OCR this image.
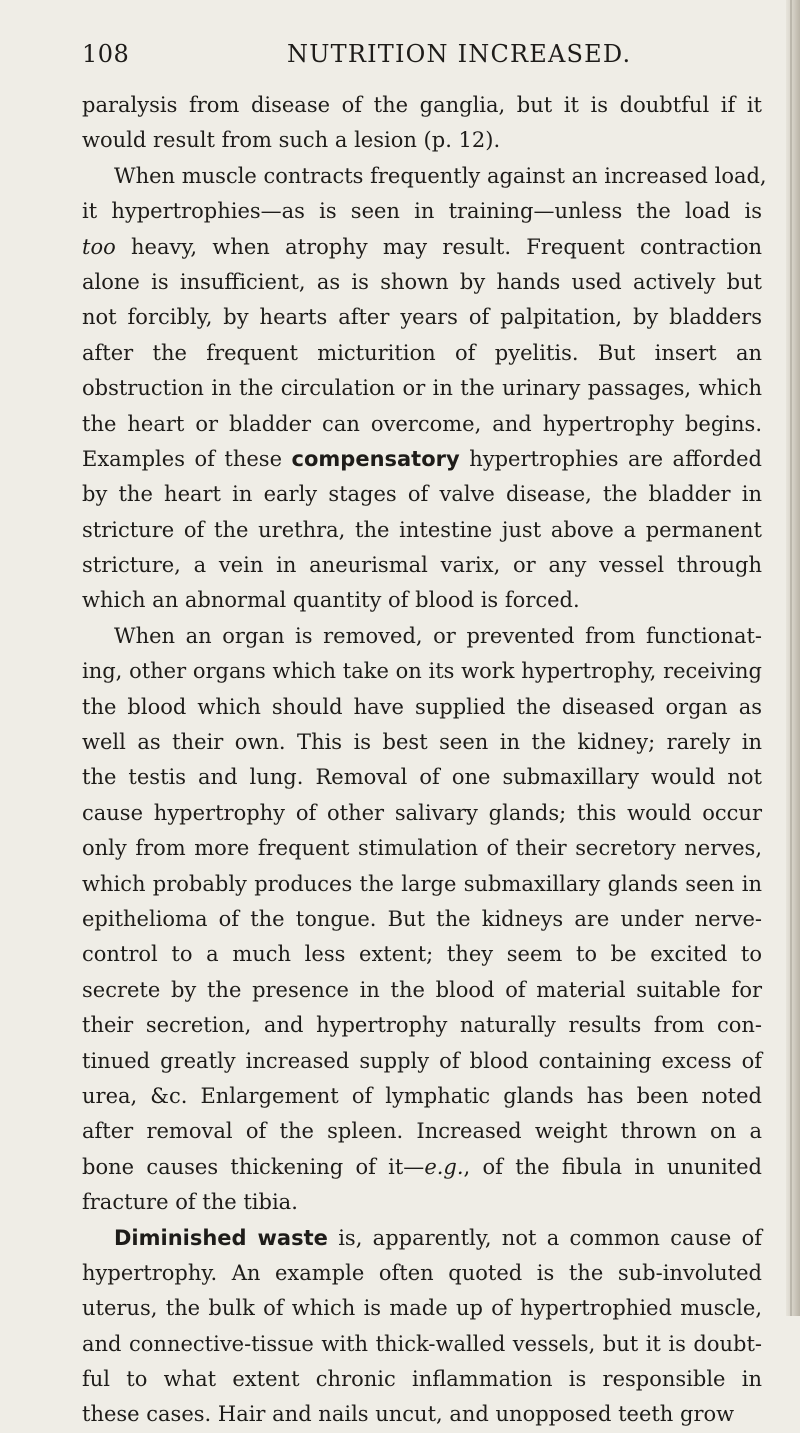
108	NUTRITION INCREASED.
paralysis from disease of the ganglia, but it is doubtful if it
would result from such a lesion (p. 12).
When muscle contracts frequently against an increased load,
it hypertrophies—as is seen in training—unless the load is
too heavy, when atrophy may result. Frequent contraction
alone is insufficient, as is shown by hands used actively but
not forcibly, by hearts after years of palpitation, by bladders
after the frequent micturition of pyelitis. But insert an
obstruction in the circulation or in the urinary passages, which
the heart or bladder can overcome, and hypertrophy begins.
Examples of these compensatory hypertrophies are afforded
by the heart in early stages of valve disease, the bladder in
stricture of the urethra, the intestine just above a permanent
stricture, a vein in aneurismal varix, or any vessel through
which an abnormal quantity of blood is forced.
When an organ is removed, or prevented from functionat-
ing, other organs which take on its work hypertrophy, receiving
the blood which should have supplied the diseased organ as
well as their own. This is best seen in the kidney; rarely in
the testis and lung. Removal of one submaxillary would not
cause hypertrophy of other salivary glands; this would occur
only from more frequent stimulation of their secretory nerves,
which probably produces the large submaxillary glands seen in
epithelioma of the tongue. But the kidneys are under nerve-
control to a much less extent; they seem to be excited to
secrete by the presence in the blood of material suitable for
their secretion, and hypertrophy naturally results from con-
tinued greatly increased supply of blood containing excess of
urea, &c. Enlargement of lymphatic glands has been noted
after removal of the spleen. Increased weight thrown on a
bone causes thickening of it—e.g., of the fibula in ununited
fracture of the tibia.
Diminished waste is, apparently, not a common cause of
hypertrophy. An example often quoted is the sub-involuted
uterus, the bulk of which is made up of hypertrophied muscle,
and connective-tissue with thick-walled vessels, but it is doubt-
ful to what extent chronic inflammation is responsible in
these cases. Hair and nails uncut, and unopposed teeth grow
